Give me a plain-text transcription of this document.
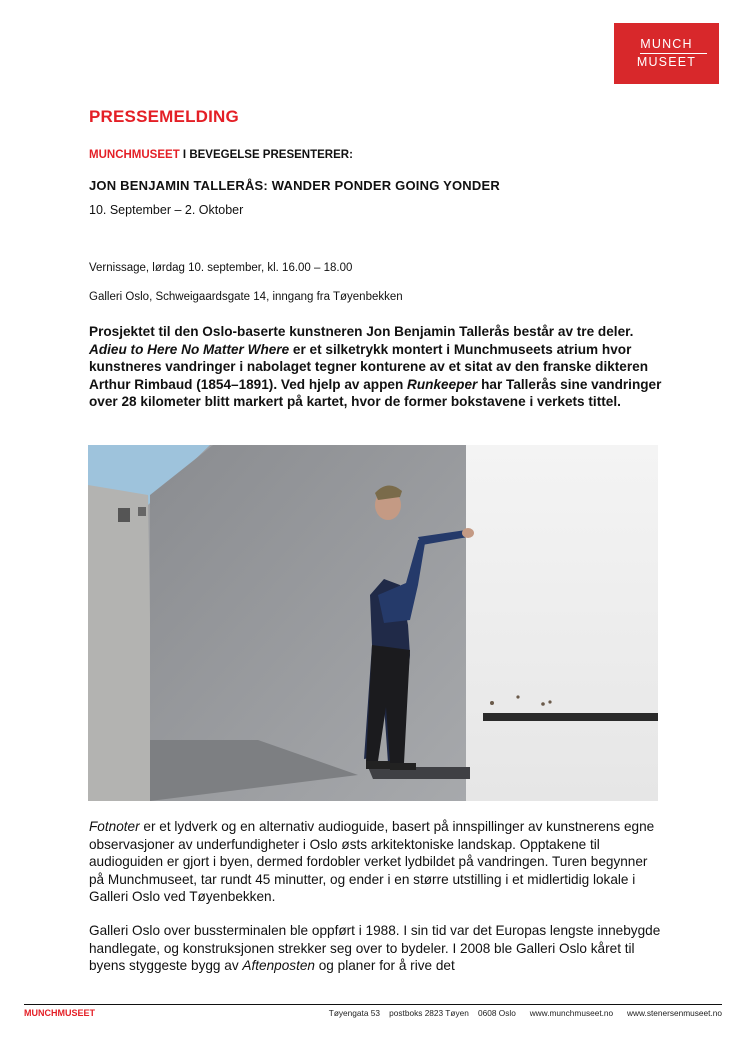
MUNCH
MUSEET
PRESSEMELDING
MUNCHMUSEET I BEVEGELSE PRESENTERER:
JON BENJAMIN TALLERÅS: WANDER PONDER GOING YONDER
10. September – 2. Oktober
Vernissage, lørdag 10. september, kl. 16.00 – 18.00
Galleri Oslo, Schweigaardsgate 14, inngang fra Tøyenbekken
Prosjektet til den Oslo-baserte kunstneren Jon Benjamin Tallerås består av tre deler. Adieu to Here No Matter Where er et silketrykk montert i Munchmuseets atrium hvor kunstneres vandringer i nabolaget tegner konturene av et sitat av den franske dikteren Arthur Rimbaud (1854–1891). Ved hjelp av appen Runkeeper har Tallerås sine vandringer over 28 kilometer blitt markert på kartet, hvor de former bokstavene i verkets tittel.
Fotnoter er et lydverk og en alternativ audioguide, basert på innspillinger av kunstnerens egne observasjoner av underfundigheter i Oslo østs arkitektoniske landskap. Opptakene til audioguiden er gjort i byen, dermed fordobler verket lydbildet på vandringen. Turen begynner på Munchmuseet, tar rundt 45 minutter, og ender i en større utstilling i et midlertidig lokale i Galleri Oslo ved Tøyenbekken.
Galleri Oslo over bussterminalen ble oppført i 1988. I sin tid var det Europas lengste innebygde handlegate, og konstruksjonen strekker seg over to bydeler. I 2008 ble Galleri Oslo kåret til byens styggeste bygg av Aftenposten og planer for å rive det
MUNCHMUSEET	Tøyengata 53    postboks 2823 Tøyen    0608 Oslo      www.munchmuseet.no      www.stenersenmuseet.no
